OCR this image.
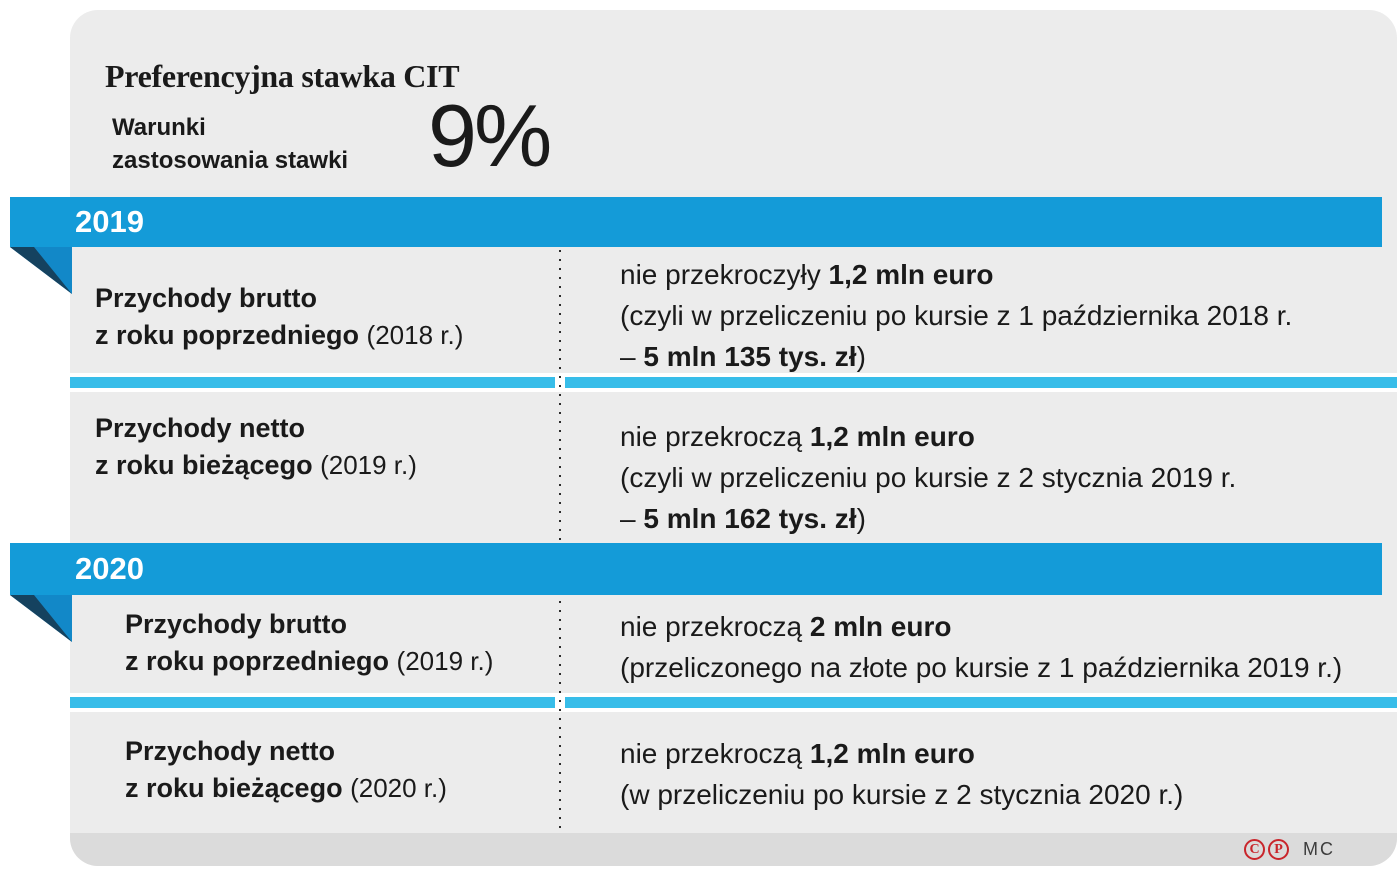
Preferencyjna stawka CIT
Warunki
zastosowania stawki 9%
2019
Przychody brutto
z roku poprzedniego (2018 r.)
nie przekroczyły 1,2 mln euro
(czyli w przeliczeniu po kursie z 1 października 2018 r.
– 5 mln 135 tys. zł)
Przychody netto
z roku bieżącego (2019 r.)
nie przekroczą 1,2 mln euro
(czyli w przeliczeniu po kursie z 2 stycznia 2019 r.
– 5 mln 162 tys. zł)
2020
Przychody brutto
z roku poprzedniego (2019 r.)
nie przekroczą 2 mln euro
(przeliczonego na złote po kursie z 1 października 2019 r.)
Przychody netto
z roku bieżącego (2020 r.)
nie przekroczą 1,2 mln euro
(w przeliczeniu po kursie z 2 stycznia 2020 r.)
C	P	MC
